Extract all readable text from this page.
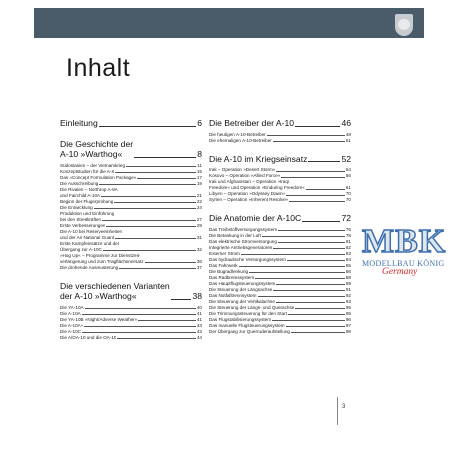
Inhalt
Einleitung	6
Die Geschichte der
A-10 »Warthog«	8
Südostasien – der Vietnamkrieg	11
Konzeptstudien für die A-X	15
Das »Concept Formulation Package«	17
Die Ausschreibung	19
Die Rivalen – Northrop A-9A
und Fairchild A-10A	21
Beginn der Flugerprobung	22
Die Entwicklung	24
Produktion und Einführung
bei den Streitkräften	27
Erste Verbesserungen	29
Die A-10 bei Reserveeinheiten
und der Air National Guard	31
Erste Kampfeinsätze und der
Übergang zur A-10C	32
»Hog Up« – Programme zur Dienstzeit-
verlängerung und zum Tragflächenersatz	36
Die drohende Ausmusterung	37
Die verschiedenen Varianten
der A-10 »Warthog«	38
Die YA-10A	40
Die A-10A	41
Die YA-10B »Night/Adverse Weather«	41
Die A-10A+	43
Die A-10C	43
Die A/OA-10 und die OA-10	44
Die Betreiber der A-10	46
Die heutigen A-10-Betreiber	48
Die ehemaligen A-10-Betreiber	51
Die A-10 im Kriegseinsatz	52
Irak – Operation »Desert Storm«	54
Kosovo – Operation »Allied Force«	56
Irak und Afghanistan – Operation »Iraqi
Freedom« und Operation »Enduring Freedom«	61
Libyen – Operation »Odyssey Dawn«	70
Syrien – Operation »Inherent Resolve«	70
Die Anatomie der A-10C	72
Das Treibstoffversorgungssystem	76
Die Betankung in der Luft	78
Das elektrische Stromversorgung	81
Integrierte Antriebsgeneratoren	82
Externer Strom	83
Das hydraulische Versorgungssystem	84
Das Fahrwerk	85
Die Bugradlenkung	86
Das Radbremssystem	88
Das Hauptflugsteuerungssystem	89
Die Steuerung der Längsachse	91
Das Notfalltrennsystem	92
Die Steuerung der Vertikalachse	93
Die Steuerung der Längs- und Querachse	95
Die Trimmungssteuerung für den Start	95
Das Flugstabilisierungssystem	96
Das manuelle Flugsteuerungssystem	97
Der Übergang zur Querruderaufstellung	98
MBK
MODELLBAU KÖNIG
Germany
3
